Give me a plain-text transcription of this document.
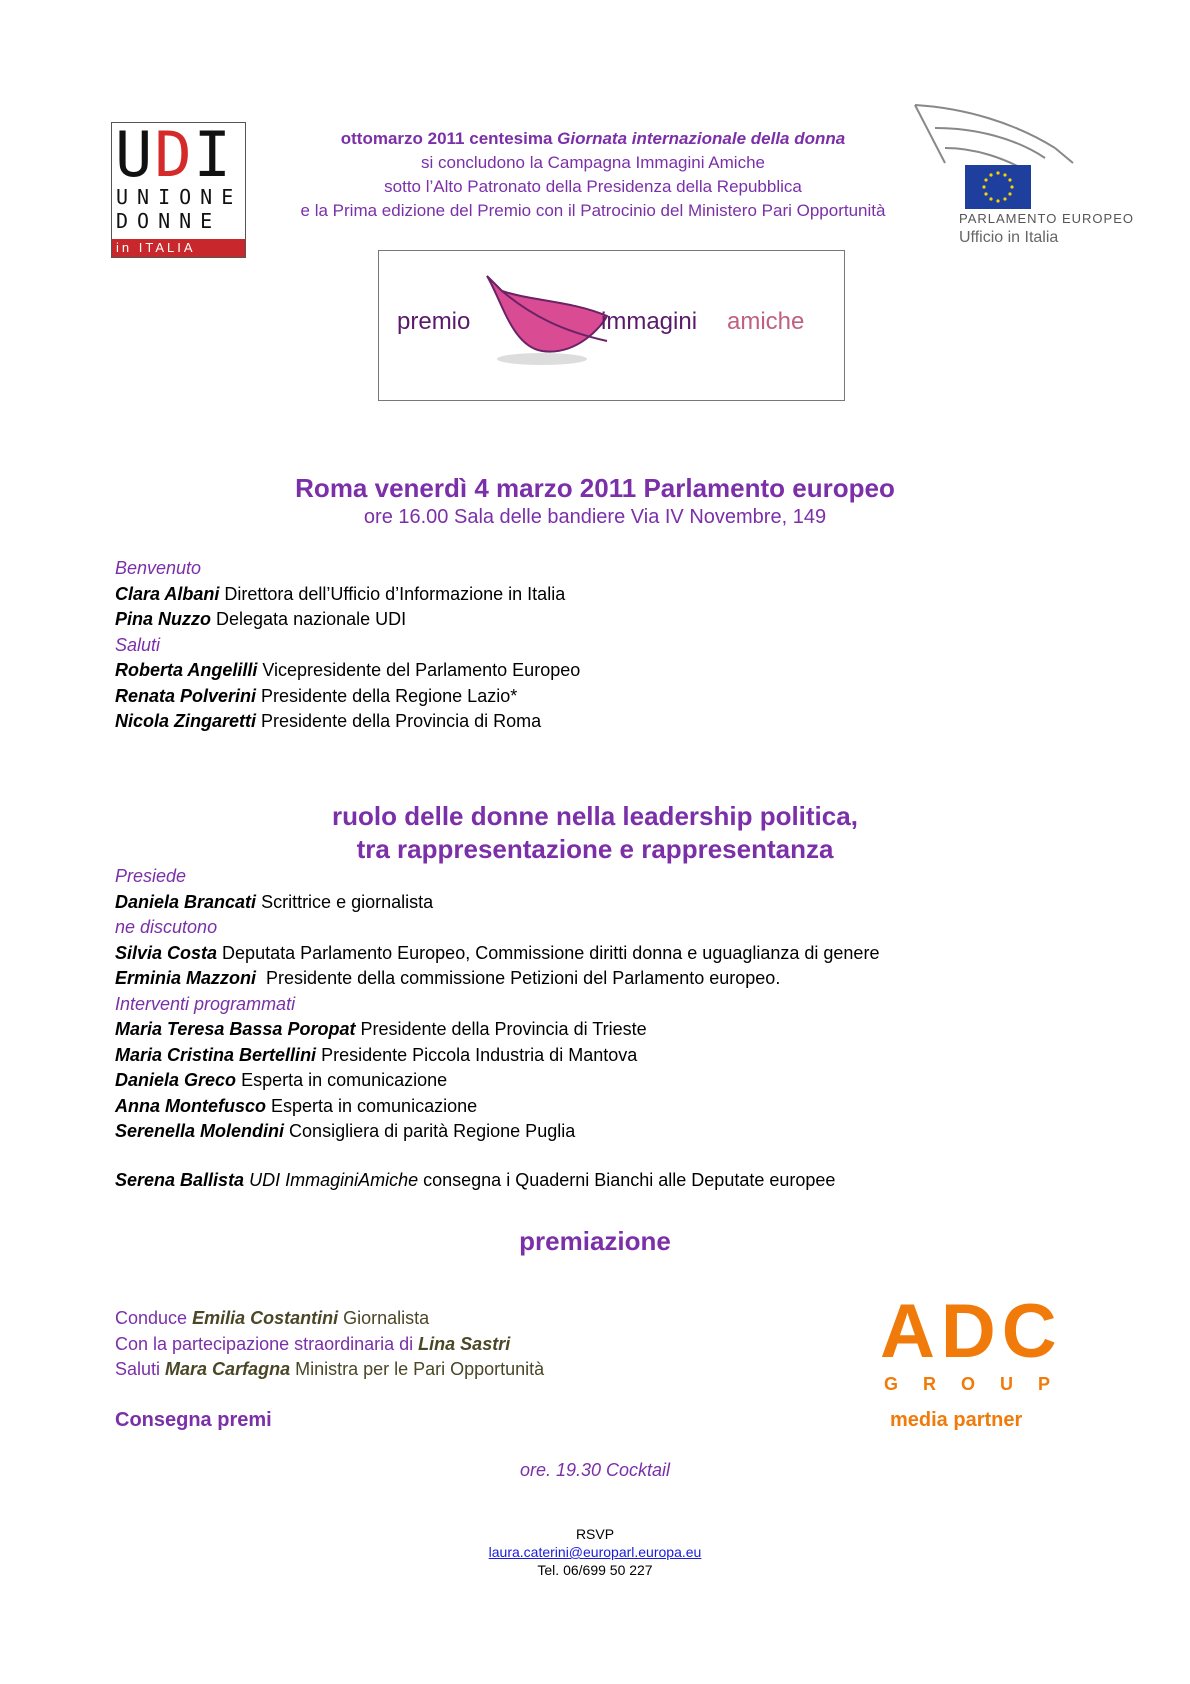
UDI
UNIONE
DONNE
in ITALIA
ottomarzo 2011 centesima Giornata internazionale della donna
si concludono la Campagna Immagini Amiche
sotto l’Alto Patronato della Presidenza della Repubblica
e la Prima edizione del Premio con il Patrocinio del Ministero Pari Opportunità	PARLAMENTO EUROPEO
Ufficio in Italia
premio	immagini amiche
Roma venerdì 4 marzo 2011 Parlamento europeo
ore 16.00 Sala delle bandiere Via IV Novembre, 149
Benvenuto
Clara Albani Direttora dell’Ufficio d’Informazione in Italia
Pina Nuzzo Delegata nazionale UDI
Saluti
Roberta Angelilli Vicepresidente del Parlamento Europeo
Renata Polverini Presidente della Regione Lazio*
Nicola Zingaretti Presidente della Provincia di Roma
ruolo delle donne nella leadership politica,
tra rappresentazione e rappresentanza
Presiede
Daniela Brancati Scrittrice e giornalista
ne discutono
Silvia Costa Deputata Parlamento Europeo, Commissione diritti donna e uguaglianza di genere
Erminia Mazzoni  Presidente della commissione Petizioni del Parlamento europeo.
Interventi programmati
Maria Teresa Bassa Poropat Presidente della Provincia di Trieste
Maria Cristina Bertellini Presidente Piccola Industria di Mantova
Daniela Greco Esperta in comunicazione
Anna Montefusco Esperta in comunicazione
Serenella Molendini Consigliera di parità Regione Puglia
Serena Ballista UDI ImmaginiAmiche consegna i Quaderni Bianchi alle Deputate europee
premiazione
Conduce Emilia Costantini Giornalista
Con la partecipazione straordinaria di Lina Sastri
Saluti Mara Carfagna Ministra per le Pari Opportunità	ADC
GROUP
Consegna premi	media partner
ore. 19.30 Cocktail
RSVP
laura.caterini@europarl.europa.eu
Tel. 06/699 50 227
